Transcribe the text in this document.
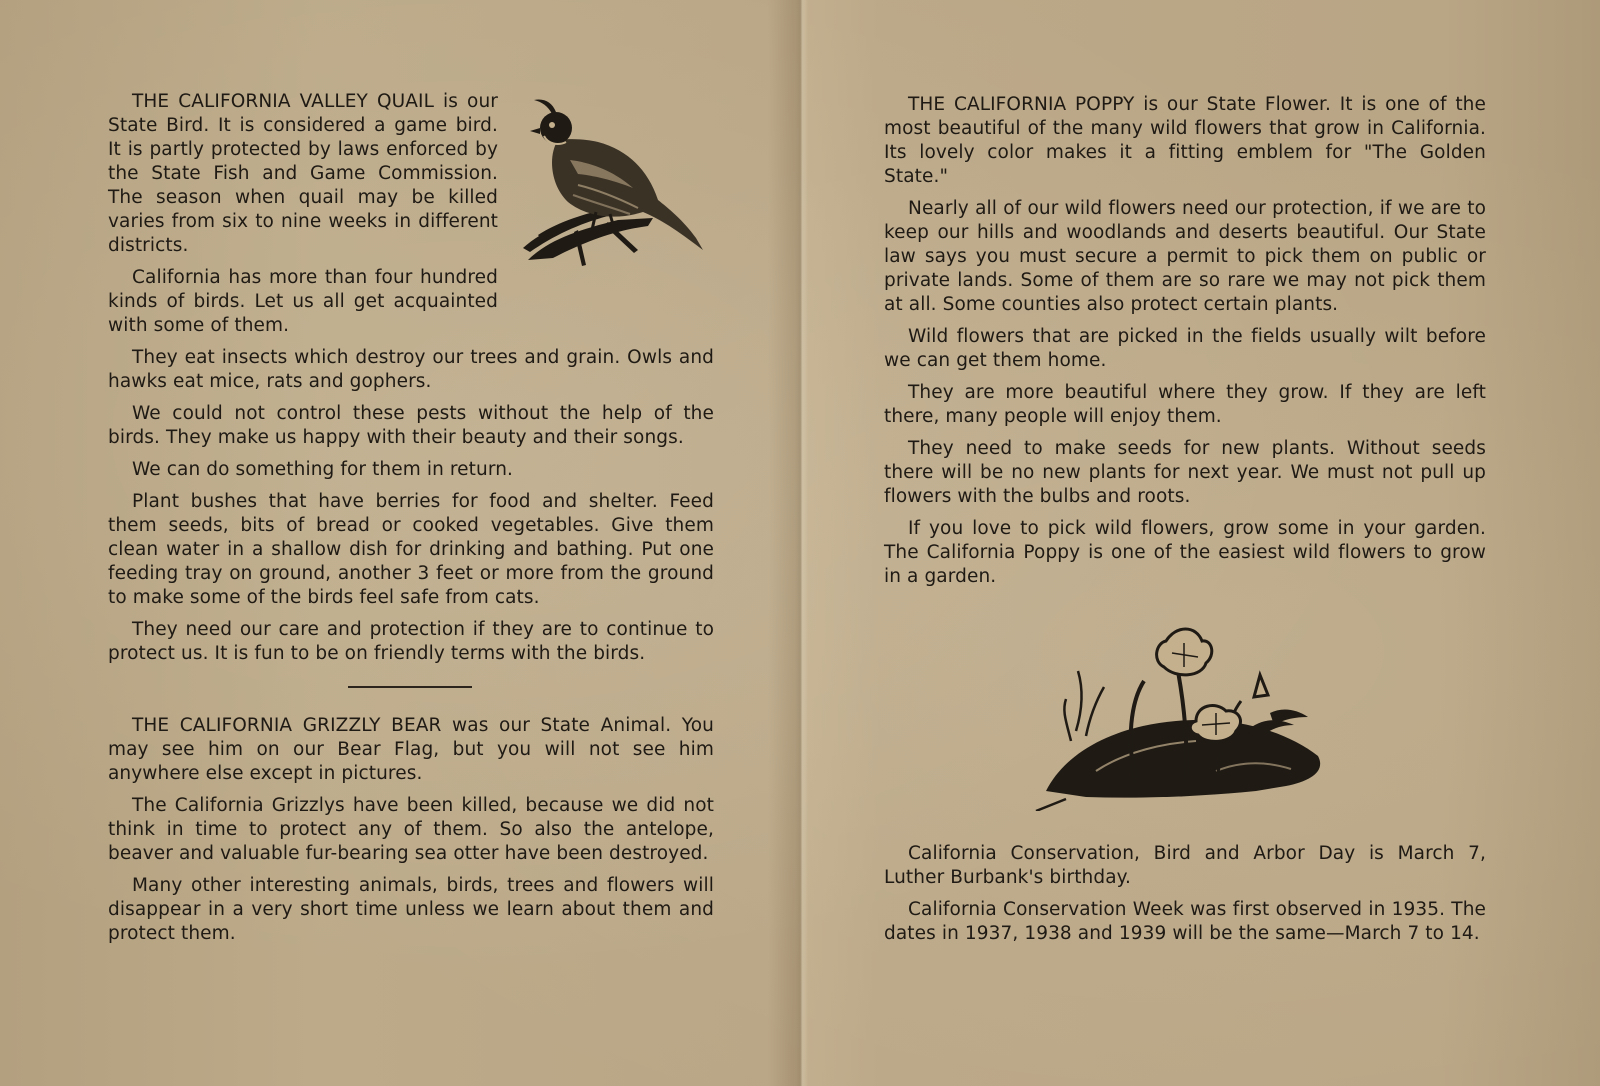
THE CALIFORNIA VALLEY QUAIL is our State Bird. It is considered a game bird. It is partly protected by laws enforced by the State Fish and Game Commission. The season when quail may be killed varies from six to nine weeks in different districts.

California has more than four hundred kinds of birds. Let us all get acquainted with some of them.

They eat insects which destroy our trees and grain. Owls and hawks eat mice, rats and gophers.

We could not control these pests without the help of the birds. They make us happy with their beauty and their songs.

We can do something for them in return.

Plant bushes that have berries for food and shelter. Feed them seeds, bits of bread or cooked vegetables. Give them clean water in a shallow dish for drinking and bathing. Put one feeding tray on ground, another 3 feet or more from the ground to make some of the birds feel safe from cats.

They need our care and protection if they are to continue to protect us. It is fun to be on friendly terms with the birds.

THE CALIFORNIA GRIZZLY BEAR was our State Animal. You may see him on our Bear Flag, but you will not see him anywhere else except in pictures.

The California Grizzlys have been killed, because we did not think in time to protect any of them. So also the antelope, beaver and valuable fur-bearing sea otter have been destroyed.

Many other interesting animals, birds, trees and flowers will disappear in a very short time unless we learn about them and protect them.

THE CALIFORNIA POPPY is our State Flower. It is one of the most beautiful of the many wild flowers that grow in California. Its lovely color makes it a fitting emblem for "The Golden State."

Nearly all of our wild flowers need our protection, if we are to keep our hills and woodlands and deserts beautiful. Our State law says you must secure a permit to pick them on public or private lands. Some of them are so rare we may not pick them at all. Some counties also protect certain plants.

Wild flowers that are picked in the fields usually wilt before we can get them home.

They are more beautiful where they grow. If they are left there, many people will enjoy them.

They need to make seeds for new plants. Without seeds there will be no new plants for next year. We must not pull up flowers with the bulbs and roots.

If you love to pick wild flowers, grow some in your garden. The California Poppy is one of the easiest wild flowers to grow in a garden.

California Conservation, Bird and Arbor Day is March 7, Luther Burbank's birthday.

California Conservation Week was first observed in 1935. The dates in 1937, 1938 and 1939 will be the same—March 7 to 14.
